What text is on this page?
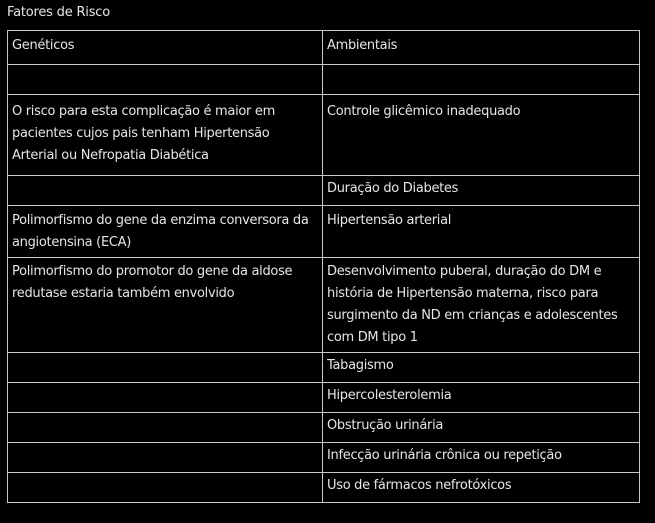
Fatores de Risco
Genéticos	Ambientais

O risco para esta complicação é maior em pacientes cujos pais tenham Hipertensão Arterial ou Nefropatia Diabética	Controle glicêmico inadequado
	Duração do Diabetes
Polimorfismo do gene da enzima conversora da angiotensina (ECA)	Hipertensão arterial
Polimorfismo do promotor do gene da aldose redutase estaria também envolvido	Desenvolvimento puberal, duração do DM e história de Hipertensão materna, risco para surgimento da ND em crianças e adolescentes com DM tipo 1
	Tabagismo
	Hipercolesterolemia
	Obstrução urinária
	Infecção urinária crônica ou repetição
	Uso de fármacos nefrotóxicos
